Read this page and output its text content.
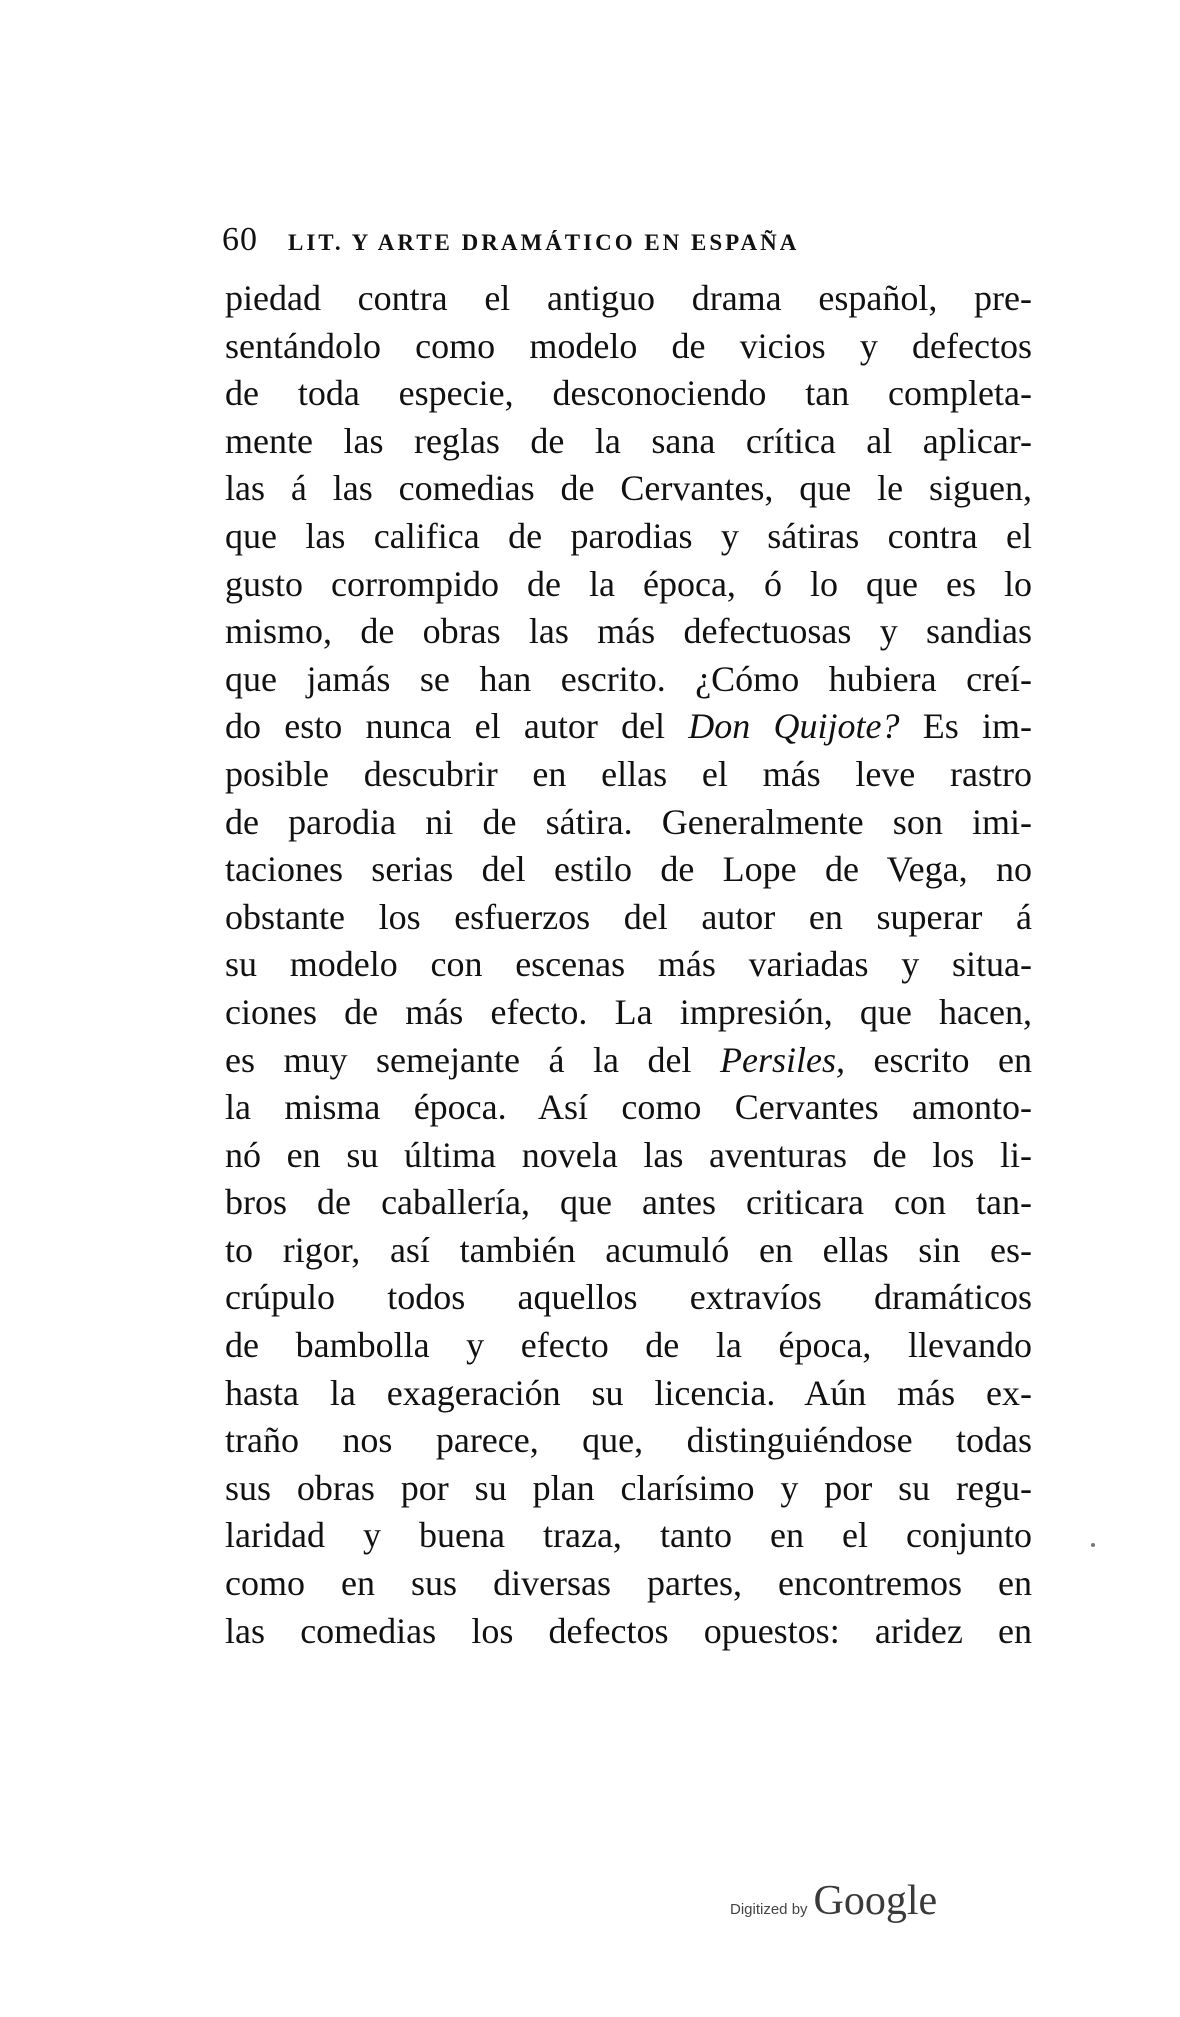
60 LIT. Y ARTE DRAMÁTICO EN ESPAÑA
piedad contra el antiguo drama español, pre-
sentándolo como modelo de vicios y defectos
de toda especie, desconociendo tan completa-
mente las reglas de la sana crítica al aplicar-
las á las comedias de Cervantes, que le siguen,
que las califica de parodias y sátiras contra el
gusto corrompido de la época, ó lo que es lo
mismo, de obras las más defectuosas y sandias
que jamás se han escrito. ¿Cómo hubiera creí-
do esto nunca el autor del Don Quijote? Es im-
posible descubrir en ellas el más leve rastro
de parodia ni de sátira. Generalmente son imi-
taciones serias del estilo de Lope de Vega, no
obstante los esfuerzos del autor en superar á
su modelo con escenas más variadas y situa-
ciones de más efecto. La impresión, que hacen,
es muy semejante á la del Persiles, escrito en
la misma época. Así como Cervantes amonto-
nó en su última novela las aventuras de los li-
bros de caballería, que antes criticara con tan-
to rigor, así también acumuló en ellas sin es-
crúpulo todos aquellos extravíos dramáticos
de bambolla y efecto de la época, llevando
hasta la exageración su licencia. Aún más ex-
traño nos parece, que, distinguiéndose todas
sus obras por su plan clarísimo y por su regu-
laridad y buena traza, tanto en el conjunto
como en sus diversas partes, encontremos en
las comedias los defectos opuestos: aridez en
Digitized by Google
